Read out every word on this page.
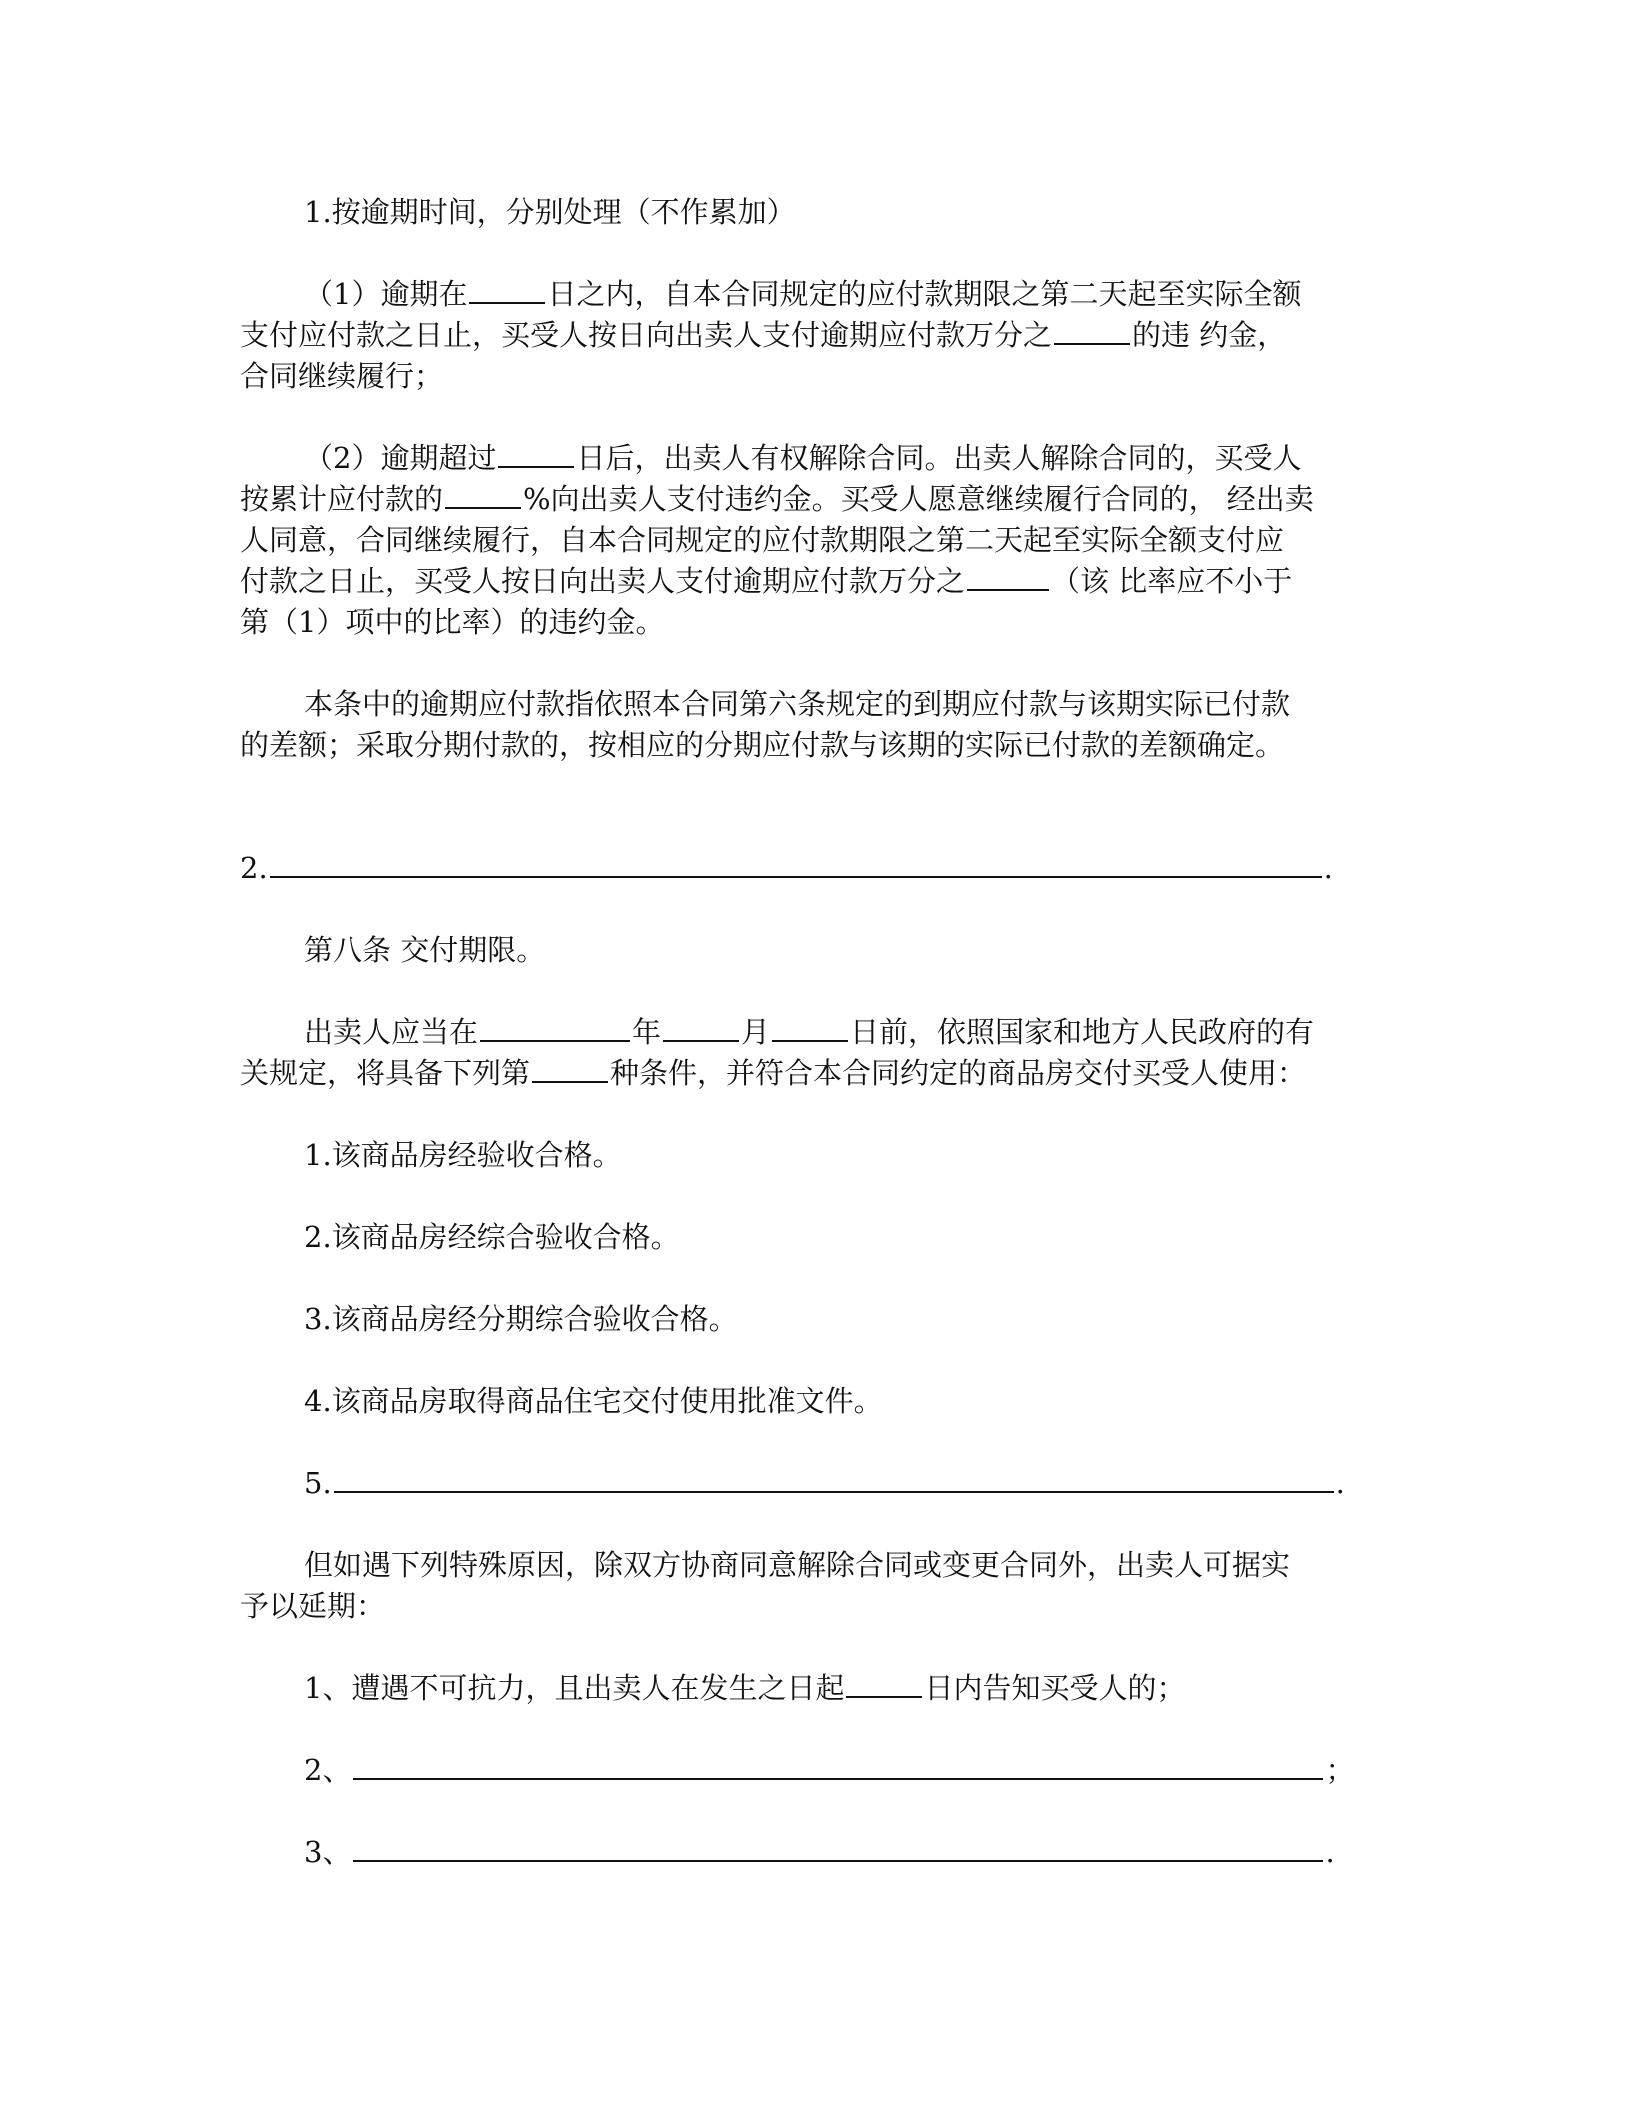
1.按逾期时间，分别处理（不作累加）
（1）逾期在	日之内，自本合同规定的应付款期限之第二天起至实际全额
支付应付款之日止，买受人按日向出卖人支付逾期应付款万分之	的违 约金，
合同继续履行；
（2）逾期超过	日后，出卖人有权解除合同。出卖人解除合同的，买受人
按累计应付款的	%向出卖人支付违约金。买受人愿意继续履行合同的， 经出卖
人同意，合同继续履行，自本合同规定的应付款期限之第二天起至实际全额支付应
付款之日止，买受人按日向出卖人支付逾期应付款万分之	（该 比率应不小于
第（1）项中的比率）的违约金。
本条中的逾期应付款指依照本合同第六条规定的到期应付款与该期实际已付款
的差额；采取分期付款的，按相应的分期应付款与该期的实际已付款的差额确定。
2.	.
第八条 交付期限。
出卖人应当在	年	月	日前，依照国家和地方人民政府的有
关规定，将具备下列第	种条件，并符合本合同约定的商品房交付买受人使用：
1.该商品房经验收合格。
2.该商品房经综合验收合格。
3.该商品房经分期综合验收合格。
4.该商品房取得商品住宅交付使用批准文件。
5.	.
但如遇下列特殊原因，除双方协商同意解除合同或变更合同外，出卖人可据实
予以延期：
1、遭遇不可抗力，且出卖人在发生之日起	日内告知买受人的；
2、	；
3、	.
